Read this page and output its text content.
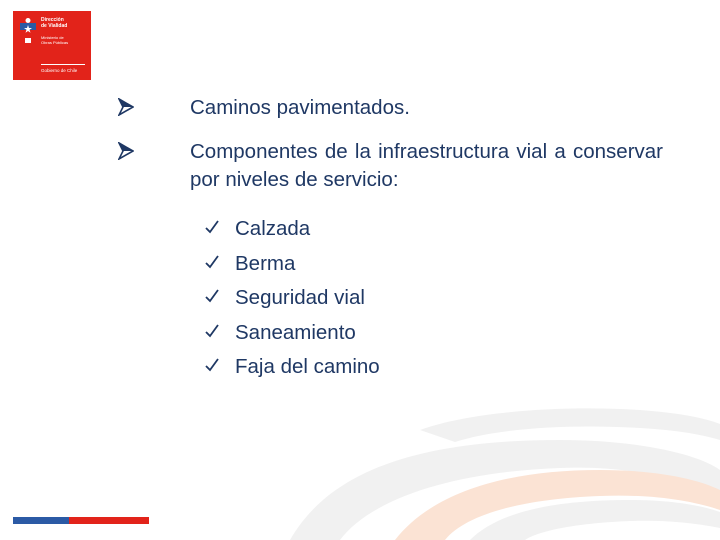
Dirección
de Vialidad
Ministerio de
Obras Públicas
Gobierno de Chile
Caminos pavimentados.
Componentes de la infraestructura vial a conservar por niveles de servicio:
Calzada
Berma
Seguridad vial
Saneamiento
Faja del camino
